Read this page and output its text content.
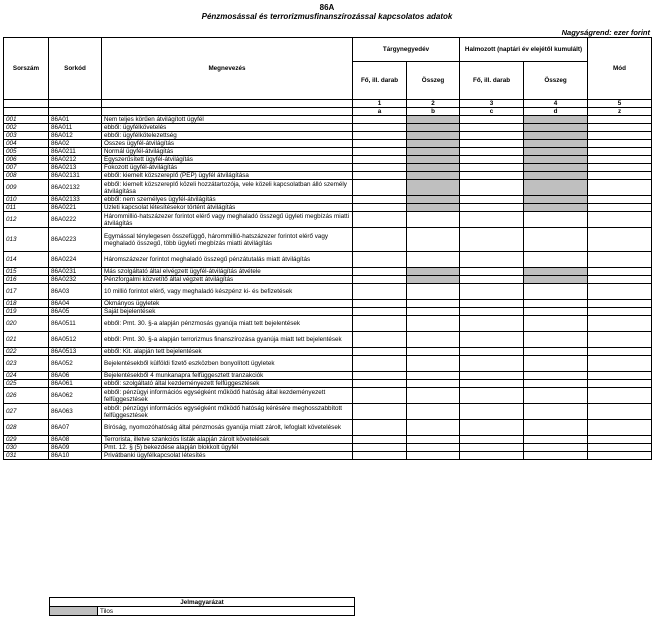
86A
Pénzmosással és terrorizmusfinanszírozással kapcsolatos adatok
Nagyságrend: ezer forint
Sorszám	Sorkód	Megnevezés	Tárgynegyedév		Halmozott (naptári év elejétől kumulált)		Mód
			Fő, ill. darab	Összeg	Fő, ill. darab	Összeg	
			1	2	3	4	5
			a	b	c	d	z
001	86A01	Nem teljes körűen átvilágított ügyfél					
002	86A011	ebből: ügyfélkövetelés					
003	86A012	ebből: ügyfélkötelezettség					
004	86A02	Összes ügyfél-átvilágítás					
005	86A0211	Normál ügyfél-átvilágítás					
006	86A0212	Egyszerűsített ügyfél-átvilágítás					
007	86A0213	Fokozott ügyfél-átvilágítás					
008	86A02131	ebből: kiemelt közszereplő (PEP) ügyfél átvilágítása					
009	86A02132	ebből: kiemelt közszereplő közeli hozzátartozója, vele közeli kapcsolatban álló személy átvilágítása					
010	86A02133	ebből: nem személyes ügyfél-átvilágítás					
011	86A0221	Üzleti kapcsolat létesítésekor történt átvilágítás					
012	86A0222	Hárommillió-hatszázezer forintot elérő vagy meghaladó összegű ügyleti megbízás miatti átvilágítás					
013	86A0223	Egymással ténylegesen összefüggő, hárommillió-hatszázezer forintot elérő vagy meghaladó összegű, több ügyleti megbízás miatti átvilágítás					
014	86A0224	Háromszázezer forintot meghaladó összegű pénzátutalás miatt átvilágítás					
015	86A0231	Más szolgáltató által elvégzett ügyfél-átvilágítás átvétele					
016	86A0232	Pénzforgalmi közvetítő által végzett átvilágítás					
017	86A03	10 millió forintot elérő, vagy meghaladó készpénz ki- és befizetések					
018	86A04	Okmányos ügyletek					
019	86A05	Saját bejelentések					
020	86A0511	ebből: Pmt. 30. §-a alapján pénzmosás gyanúja miatt tett bejelentések					
021	86A0512	ebből: Pmt. 30. §-a alapján terrorizmus finanszírozása gyanúja miatt tett bejelentések					
022	86A0513	ebből: Kit. alapján tett bejelentések					
023	86A052	Bejelentésekből külföldi fizető eszközben bonyolított ügyletek					
024	86A06	Bejelentésekből 4 munkanapra felfüggesztett tranzakciók					
025	86A061	ebből: szolgáltató által kezdeményezett felfüggesztések					
026	86A062	ebből: pénzügyi információs egységként működő hatóság által kezdeményezett felfüggesztések					
027	86A063	ebből: pénzügyi információs egységként működő hatóság kérésére meghosszabbított felfüggesztések					
028	86A07	Bíróság, nyomozóhatóság által pénzmosás gyanúja miatt zárolt, lefoglalt követelések					
029	86A08	Terrorista, illetve szankciós listák alapján zárolt követelések					
030	86A09	Pmt. 12. § (5) bekezdése alapján blokkolt ügyfél					
031	86A10	Privátbanki ügyfélkapcsolat létesítés					
Jelmagyarázat
	Tilos
